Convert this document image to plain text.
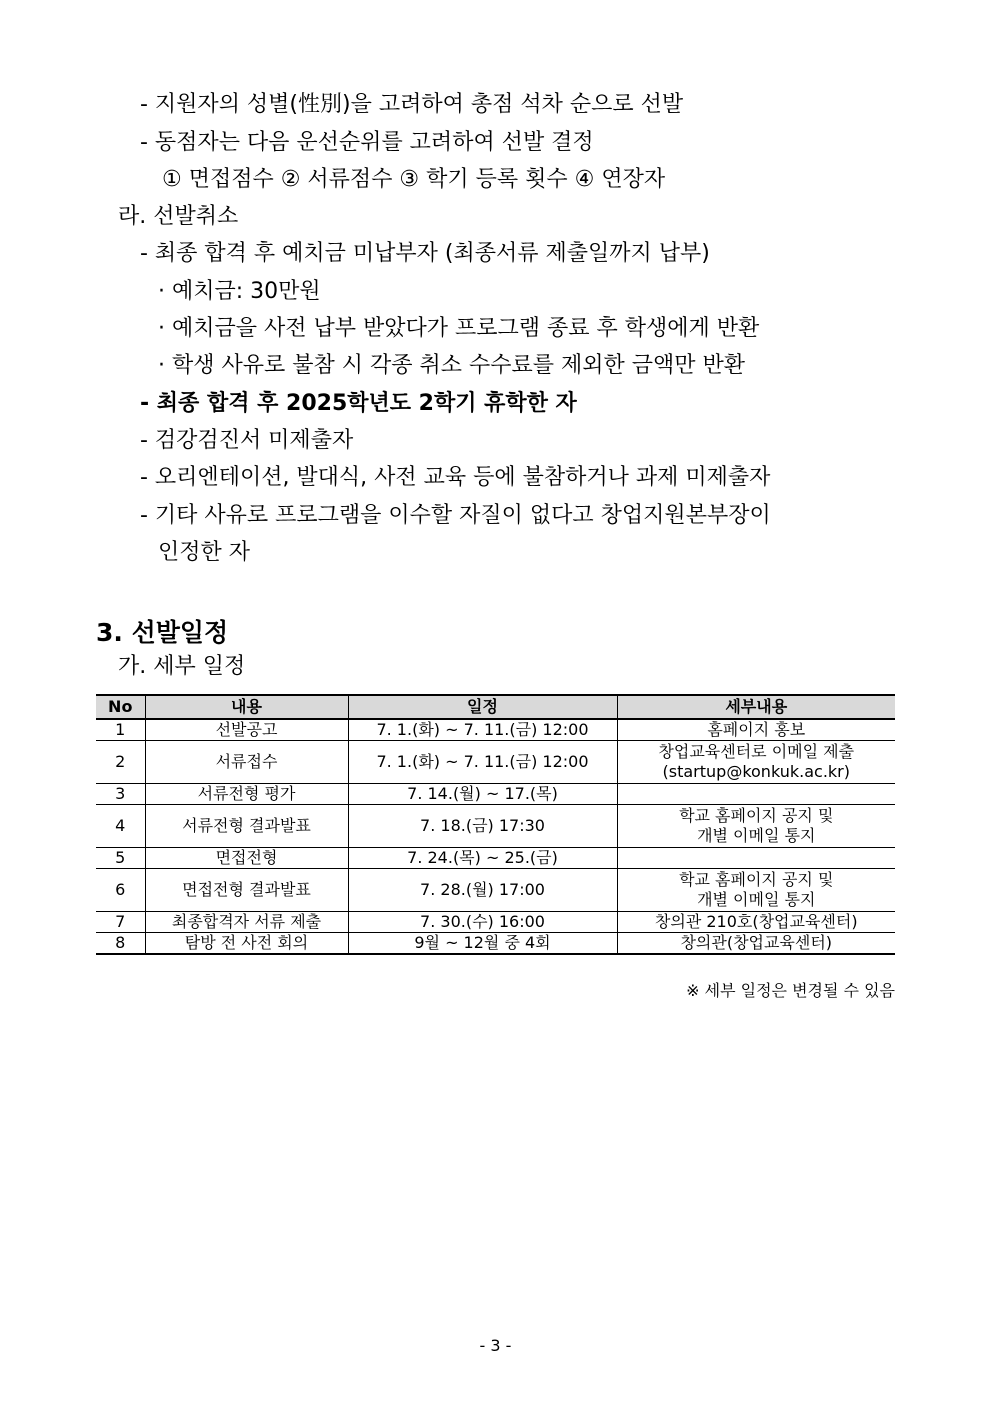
- 지원자의 성별(性別)을 고려하여 총점 석차 순으로 선발
- 동점자는 다음 운선순위를 고려하여 선발 결정
① 면접점수 ② 서류점수 ③ 학기 등록 횟수 ④ 연장자
라. 선발취소
- 최종 합격 후 예치금 미납부자 (최종서류 제출일까지 납부)
· 예치금: 30만원
· 예치금을 사전 납부 받았다가 프로그램 종료 후 학생에게 반환
· 학생 사유로 불참 시 각종 취소 수수료를 제외한 금액만 반환
- 최종 합격 후 2025학년도 2학기 휴학한 자
- 검강검진서 미제출자
- 오리엔테이션, 발대식, 사전 교육 등에 불참하거나 과제 미제출자
- 기타 사유로 프로그램을 이수할 자질이 없다고 창업지원본부장이
인정한 자
3. 선발일정
가. 세부 일정
No	내용	일정	세부내용
1	선발공고	7. 1.(화) ~ 7. 11.(금) 12:00	홈페이지 홍보
2	서류접수	7. 1.(화) ~ 7. 11.(금) 12:00	창업교육센터로 이메일 제출
(startup@konkuk.ac.kr)

3	서류전형 평가	7. 14.(월) ~ 17.(목)	
4	서류전형 결과발표	7. 18.(금) 17:30	학교 홈페이지 공지 및
개별 이메일 통지

5	면접전형	7. 24.(목) ~ 25.(금)	
6	면접전형 결과발표	7. 28.(월) 17:00	학교 홈페이지 공지 및
개별 이메일 통지

7	최종합격자 서류 제출	7. 30.(수) 16:00	창의관 210호(창업교육센터)
8	탐방 전 사전 회의	9월 ~ 12월 중 4회	창의관(창업교육센터)
※ 세부 일정은 변경될 수 있음
- 3 -
